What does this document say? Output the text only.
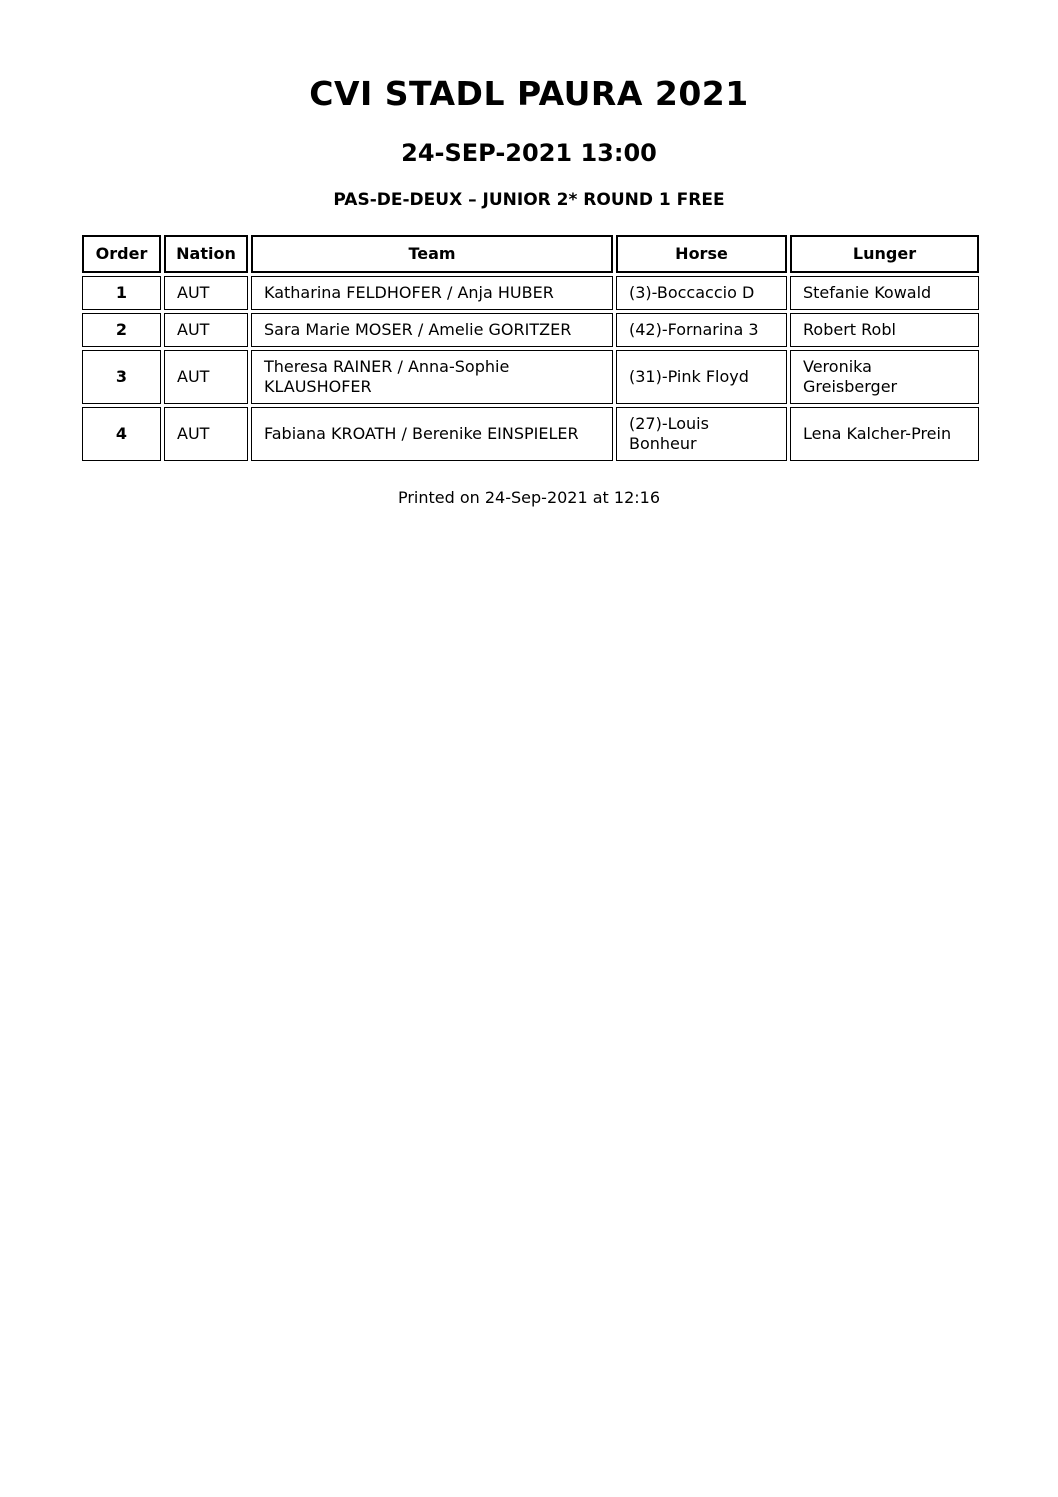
CVI STADL PAURA 2021
24-SEP-2021 13:00
PAS-DE-DEUX – JUNIOR 2* ROUND 1 FREE
Order	Nation	Team	Horse	Lunger
1	AUT	Katharina FELDHOFER / Anja HUBER	(3)-Boccaccio D	Stefanie Kowald
2	AUT	Sara Marie MOSER / Amelie GORITZER	(42)-Fornarina 3	Robert Robl
3	AUT	Theresa RAINER / Anna-Sophie KLAUSHOFER	(31)-Pink Floyd	Veronika Greisberger
4	AUT	Fabiana KROATH / Berenike EINSPIELER	(27)-Louis Bonheur	Lena Kalcher-Prein
Printed on 24-Sep-2021 at 12:16
